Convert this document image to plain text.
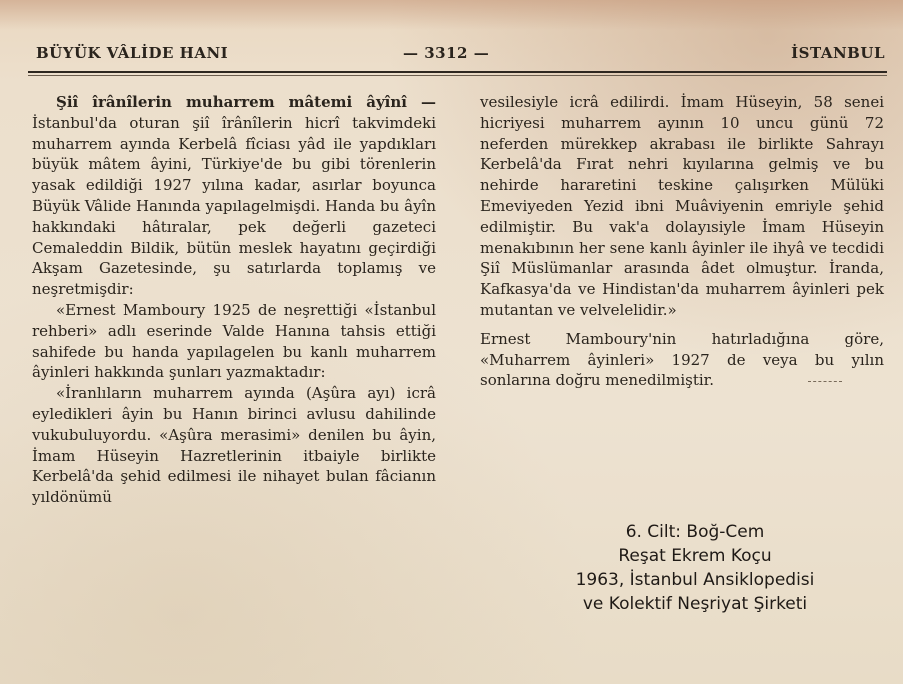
BÜYÜK VÂLİDE HANI	— 3312 —	İSTANBUL

Şiî îrânîlerin muharrem mâtemi âyînî — İstanbul'da oturan şiî îrânîlerin hicrî takvimdeki muharrem ayında Kerbelâ fîciası yâd ile yapdıkları büyük mâtem âyini, Türkiye'de bu gibi törenlerin yasak edildiği 1927 yılına kadar, asırlar boyunca Büyük Vâlide Hanında yapılagelmişdi. Handa bu âyîn hakkındaki hâtıralar, pek değerli gazeteci Cemaleddin Bildik, bütün meslek hayatını geçirdiği Akşam Gazetesinde, şu satırlarda toplamış ve neşretmişdir:

«Ernest Mamboury 1925 de neşrettiği «İstanbul rehberi» adlı eserinde Valde Hanına tahsis ettiği sahifede bu handa yapılagelen bu kanlı muharrem âyinleri hakkında şunları yazmaktadır:

«İranlıların muharrem ayında (Aşûra ayı) icrâ eyledikleri âyin bu Hanın birinci avlusu dahilinde vukubuluyordu. «Aşûra merasimi» denilen bu âyin, İmam Hüseyin Hazretlerinin itbaiyle birlikte Kerbelâ'da şehid edilmesi ile nihayet bulan fâcianın yıldönümü

vesilesiyle icrâ edilirdi. İmam Hüseyin, 58 senei hicriyesi muharrem ayının 10 uncu günü 72 neferden mürekkep akrabası ile birlikte Sahrayı Kerbelâ'da Fırat nehri kıyılarına gelmiş ve bu nehirde hararetini teskine çalışırken Mülüki Emeviyeden Yezid ibni Muâviyenin emriyle şehid edilmiştir. Bu vak'a dolayısiyle İmam Hüseyin menakıbının her sene kanlı âyinler ile ihyâ ve tecdidi Şiî Müslümanlar arasında âdet olmuştur. İranda, Kafkasya'da ve Hindistan'da muharrem âyinleri pek mutantan ve velvelelidir.»

Ernest Mamboury'nin hatırladığına göre, «Muharrem âyinleri» 1927 de veya bu yılın sonlarına doğru menedilmiştir.

6. Cilt: Boğ-Cem
Reşat Ekrem Koçu
1963, İstanbul Ansiklopedisi
ve Kolektif Neşriyat Şirketi
